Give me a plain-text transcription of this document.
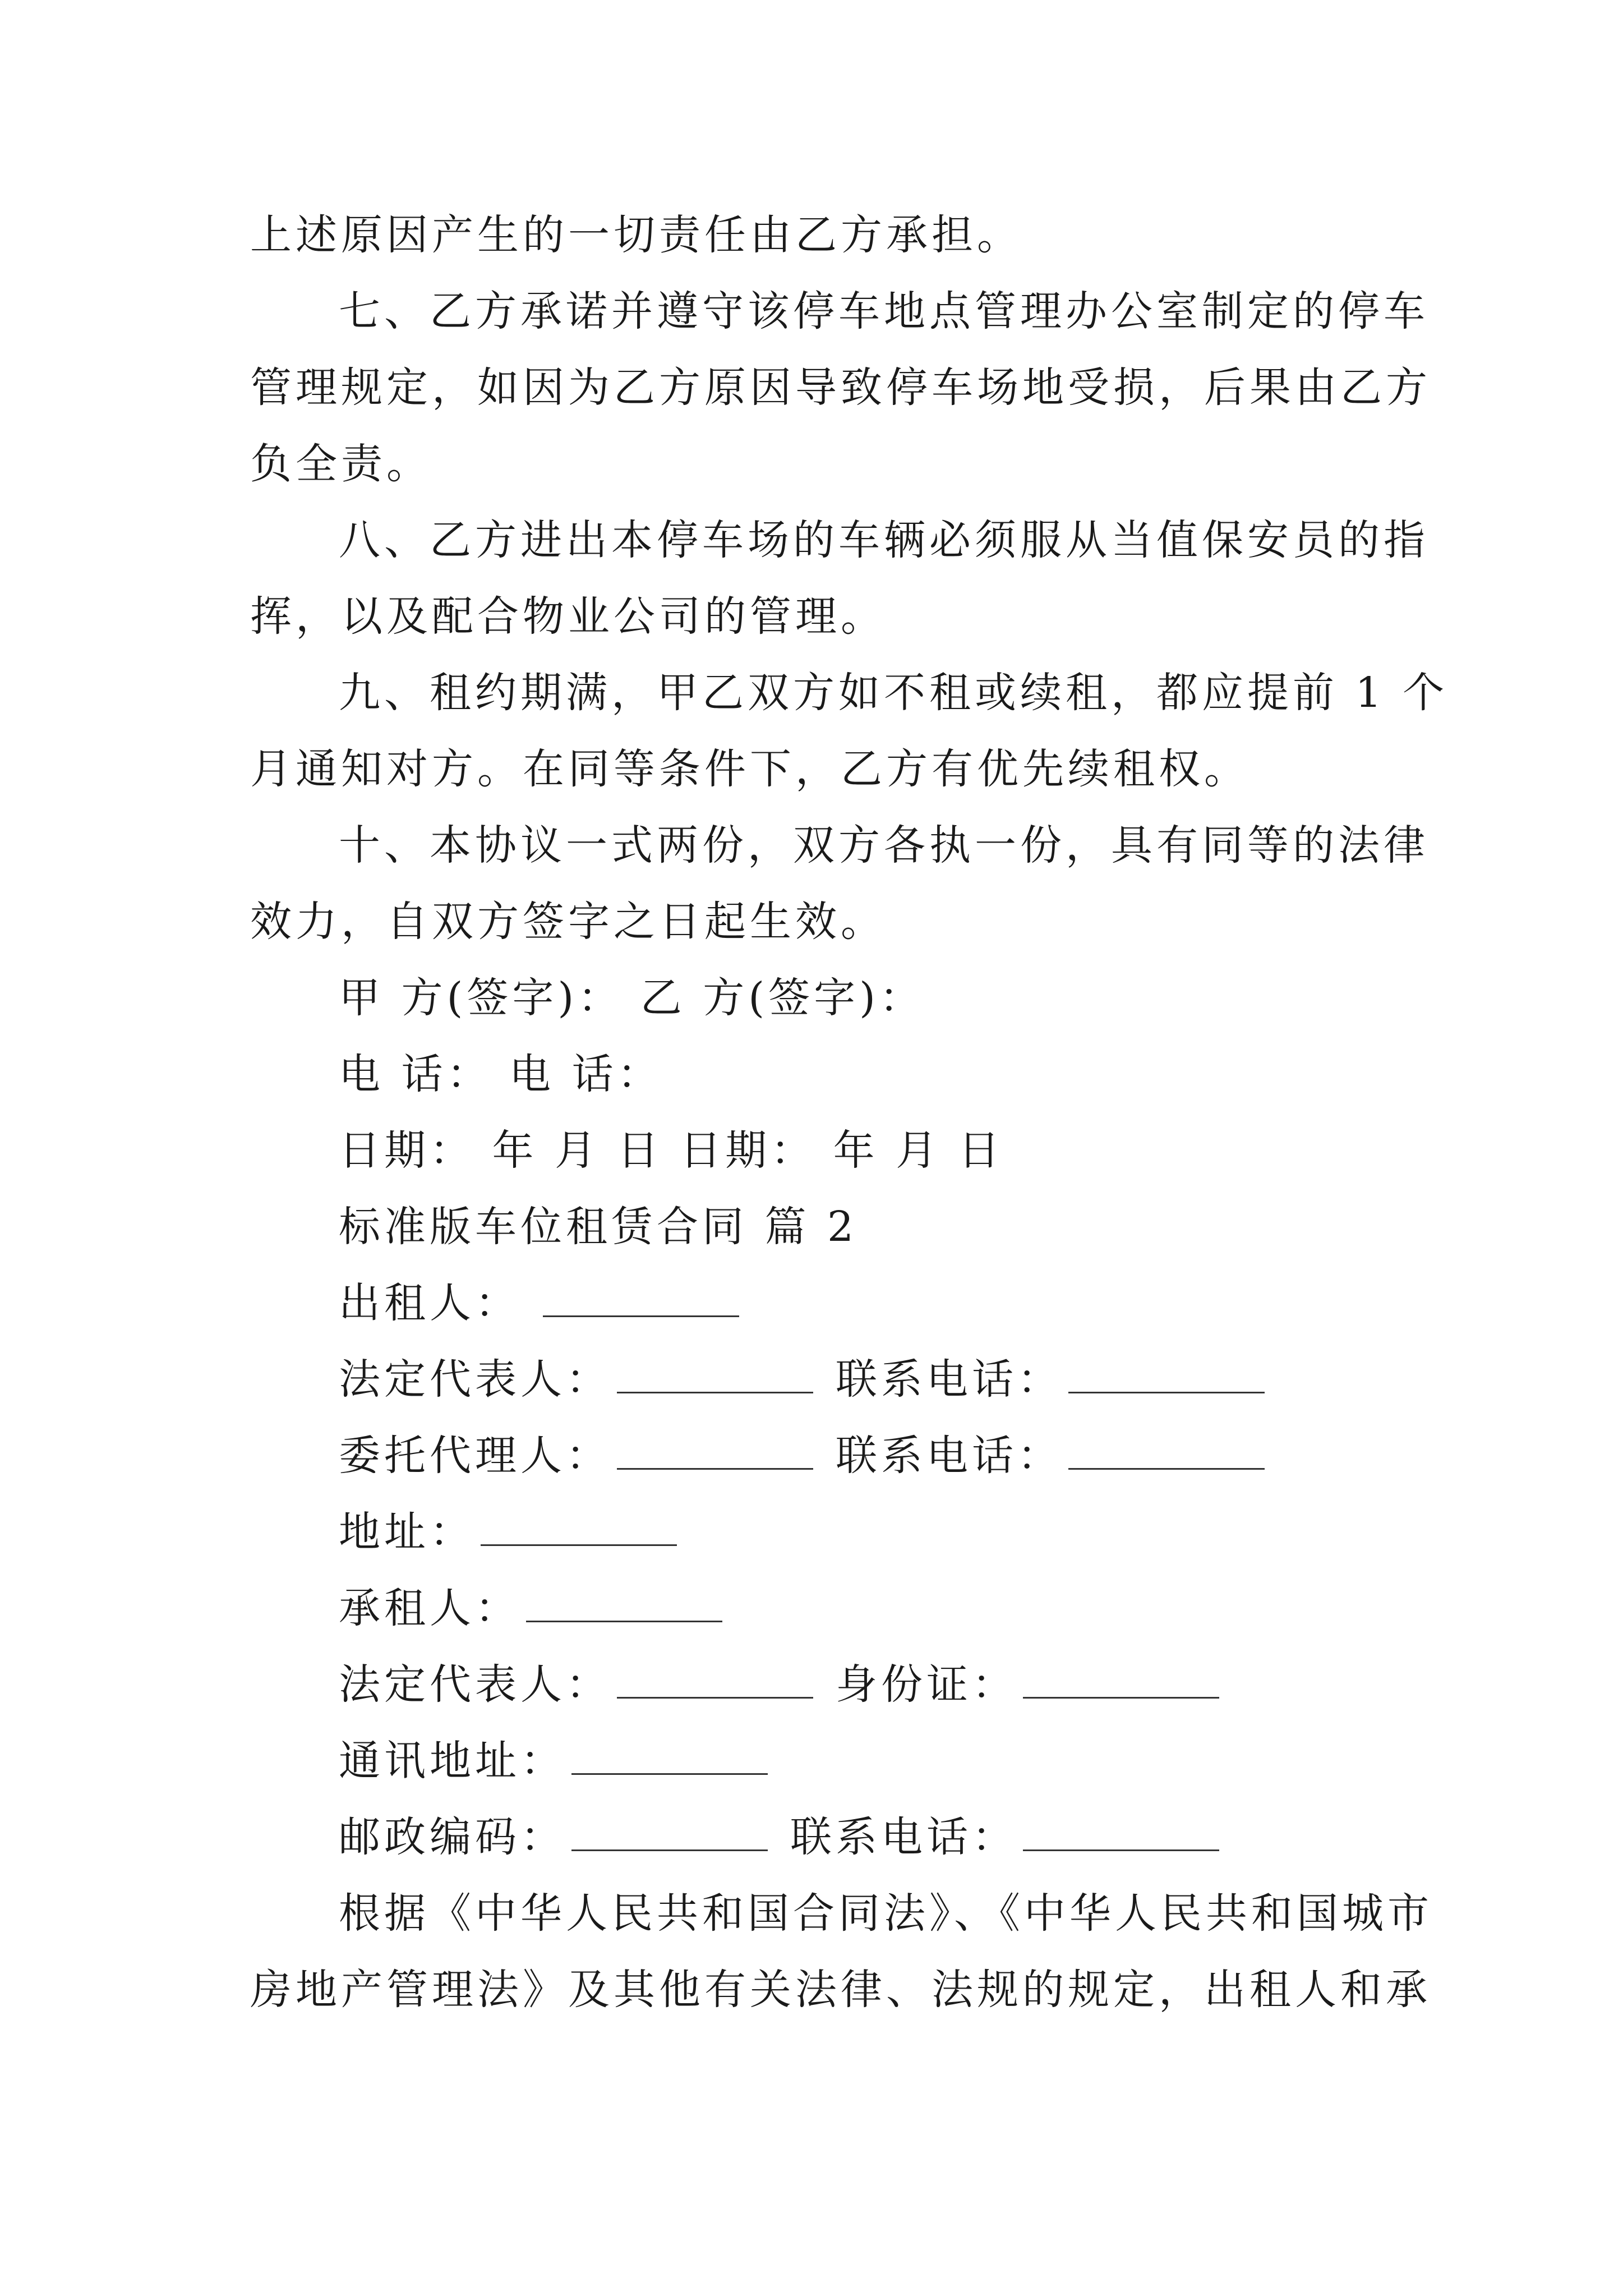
上述原因产生的一切责任由乙方承担。
七、乙方承诺并遵守该停车地点管理办公室制定的停车
管理规定，如因为乙方原因导致停车场地受损，后果由乙方
负全责。
八、乙方进出本停车场的车辆必须服从当值保安员的指
挥，以及配合物业公司的管理。
九、租约期满，甲乙双方如不租或续租，都应提前 1 个
月通知对方。在同等条件下，乙方有优先续租权。
十、本协议一式两份，双方各执一份，具有同等的法律
效力，自双方签字之日起生效。
甲 方(签字)： 乙 方(签字)：
电 话： 电 话：
日期： 年 月 日 日期： 年 月 日
标准版车位租赁合同 篇 2
出租人：
法定代表人：	联系电话：
委托代理人：	联系电话：
地址：
承租人：
法定代表人：	身份证：
通讯地址：
邮政编码：	联系电话：
根据《中华人民共和国合同法》、《中华人民共和国城市
房地产管理法》及其他有关法律、法规的规定，出租人和承
